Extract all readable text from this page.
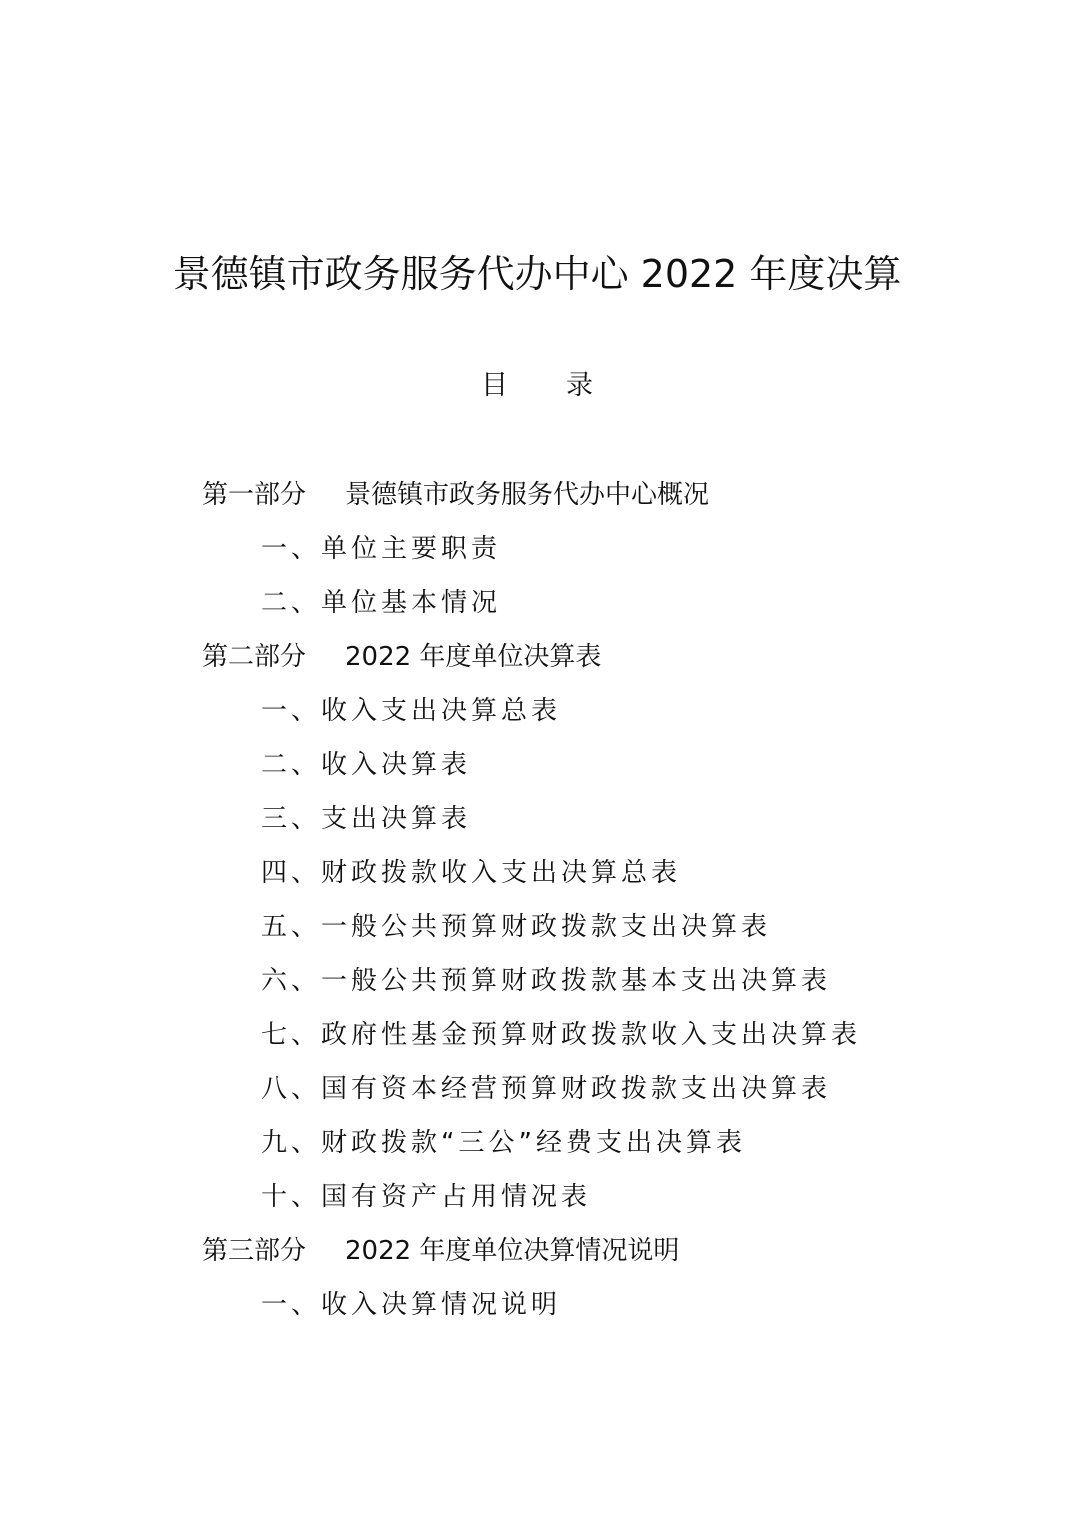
景德镇市政务服务代办中心 2022 年度决算
目 录
第一部分 景德镇市政务服务代办中心概况
一、单位主要职责
二、单位基本情况
第二部分 2022 年度单位决算表
一、收入支出决算总表
二、收入决算表
三、支出决算表
四、财政拨款收入支出决算总表
五、一般公共预算财政拨款支出决算表
六、一般公共预算财政拨款基本支出决算表
七、政府性基金预算财政拨款收入支出决算表
八、国有资本经营预算财政拨款支出决算表
九、财政拨款“三公”经费支出决算表
十、国有资产占用情况表
第三部分 2022 年度单位决算情况说明
一、收入决算情况说明
